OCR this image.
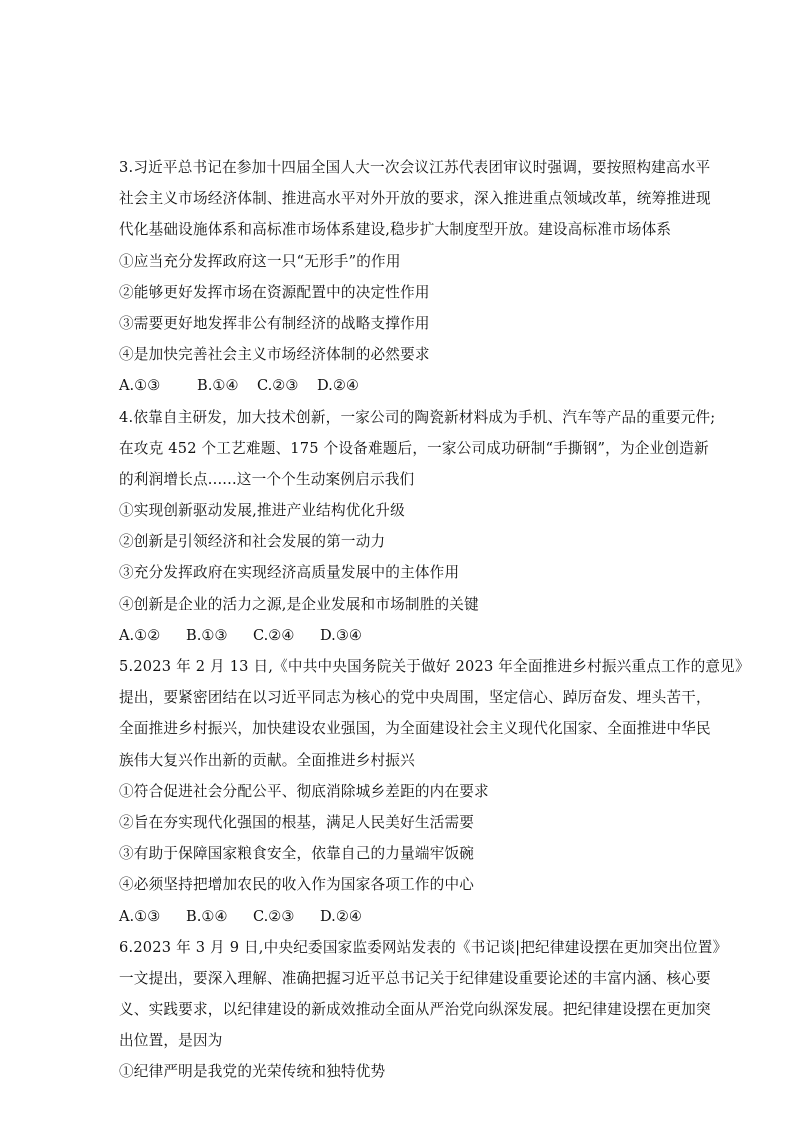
3.习近平总书记在参加十四届全国人大一次会议江苏代表团审议时强调，要按照构建高水平
社会主义市场经济体制、推进高水平对外开放的要求，深入推进重点领域改革，统筹推进现
代化基础设施体系和高标准市场体系建设,稳步扩大制度型开放。建设高标准市场体系
①应当充分发挥政府这一只“无形手”的作用
②能够更好发挥市场在资源配置中的决定性作用
③需要更好地发挥非公有制经济的战略支撑作用
④是加快完善社会主义市场经济体制的必然要求
A.①③	B.①④	C.②③	D.②④
4.依靠自主研发，加大技术创新，一家公司的陶瓷新材料成为手机、汽车等产品的重要元件;
在攻克 452 个工艺难题、175 个设备难题后，一家公司成功研制“手撕钢”，为企业创造新
的利润增长点......这一个个生动案例启示我们
①实现创新驱动发展,推进产业结构优化升级
②创新是引领经济和社会发展的第一动力
③充分发挥政府在实现经济高质量发展中的主体作用
④创新是企业的活力之源,是企业发展和市场制胜的关键
A.①②	B.①③	C.②④	D.③④
5.2023 年 2 月 13 日,《中共中央国务院关于做好 2023 年全面推进乡村振兴重点工作的意见》
提出，要紧密团结在以习近平同志为核心的党中央周围，坚定信心、踔厉奋发、埋头苦干，
全面推进乡村振兴，加快建设农业强国，为全面建设社会主义现代化国家、全面推进中华民
族伟大复兴作出新的贡献。全面推进乡村振兴
①符合促进社会分配公平、彻底消除城乡差距的内在要求
②旨在夯实现代化强国的根基，满足人民美好生活需要
③有助于保障国家粮食安全，依靠自己的力量端牢饭碗
④必须坚持把增加农民的收入作为国家各项工作的中心
A.①③	B.①④	C.②③	D.②④
6.2023 年 3 月 9 日,中央纪委国家监委网站发表的《书记谈|把纪律建设摆在更加突出位置》
一文提出，要深入理解、准确把握习近平总书记关于纪律建设重要论述的丰富内涵、核心要
义、实践要求，以纪律建设的新成效推动全面从严治党向纵深发展。把纪律建设摆在更加突
出位置，是因为
①纪律严明是我党的光荣传统和独特优势
